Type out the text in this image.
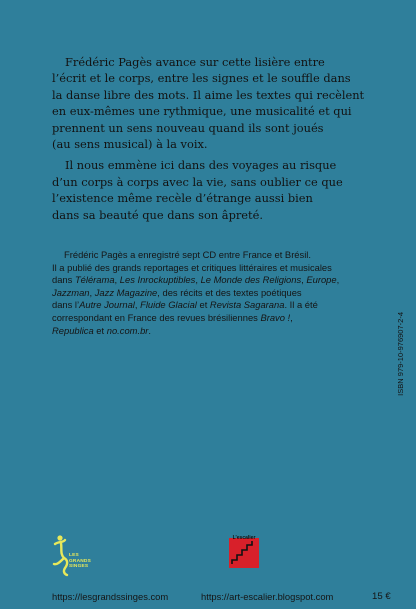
Frédéric Pagès avance sur cette lisière entre
l’écrit et le corps, entre les signes et le souffle dans
la danse libre des mots. Il aime les textes qui recèlent
en eux-mêmes une rythmique, une musicalité et qui
prennent un sens nouveau quand ils sont joués
(au sens musical) à la voix.
Il nous emmène ici dans des voyages au risque
d’un corps à corps avec la vie, sans oublier ce que
l’existence même recèle d’étrange aussi bien
dans sa beauté que dans son âpreté.
Frédéric Pagès a enregistré sept CD entre France et Brésil.
Il a publié des grands reportages et critiques littéraires et musicales
dans Télérama, Les Inrockuptibles, Le Monde des Religions, Europe,
Jazzman, Jazz Magazine, des récits et des textes poétiques
dans l’Autre Journal, Fluide Glacial et Revista Sagarana. Il a été
correspondant en France des revues brésiliennes Bravo !,
Republica et no.com.br.	ISBN 979-10-976907-2-4
LES
GRANDS
SINGES
L’escalier
https://lesgrandssinges.com	https://art-escalier.blogspot.com	15 €
